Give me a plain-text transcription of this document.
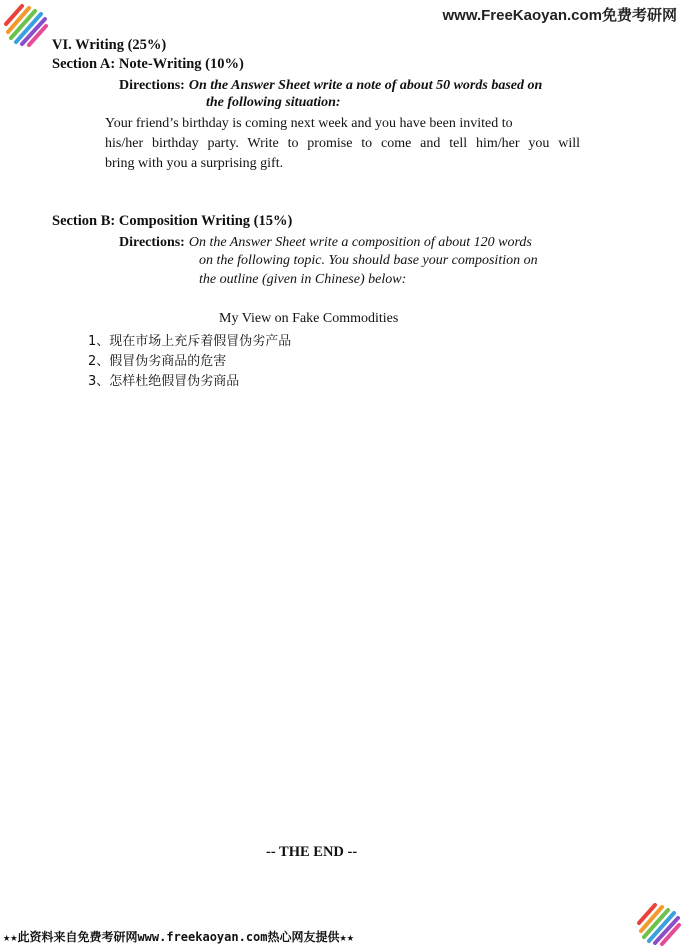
www.FreeKaoyan.com免费考研网
VI. Writing (25%)
Section A: Note-Writing (10%)
Directions: On the Answer Sheet write a note of about 50 words based on
the following situation:
Your friend’s birthday is coming next week and you have been invited to
his/her birthday party. Write to promise to come and tell him/her you will
bring with you a surprising gift.
Section B: Composition Writing (15%)
Directions: On the Answer Sheet write a composition of about 120 words
on the following topic. You should base your composition on
the outline (given in Chinese) below:
My View on Fake Commodities
1、现在市场上充斥着假冒伪劣产品
2、假冒伪劣商品的危害
3、怎样杜绝假冒伪劣商品
-- THE END --
★★此资料来自免费考研网www.freekaoyan.com热心网友提供★★
